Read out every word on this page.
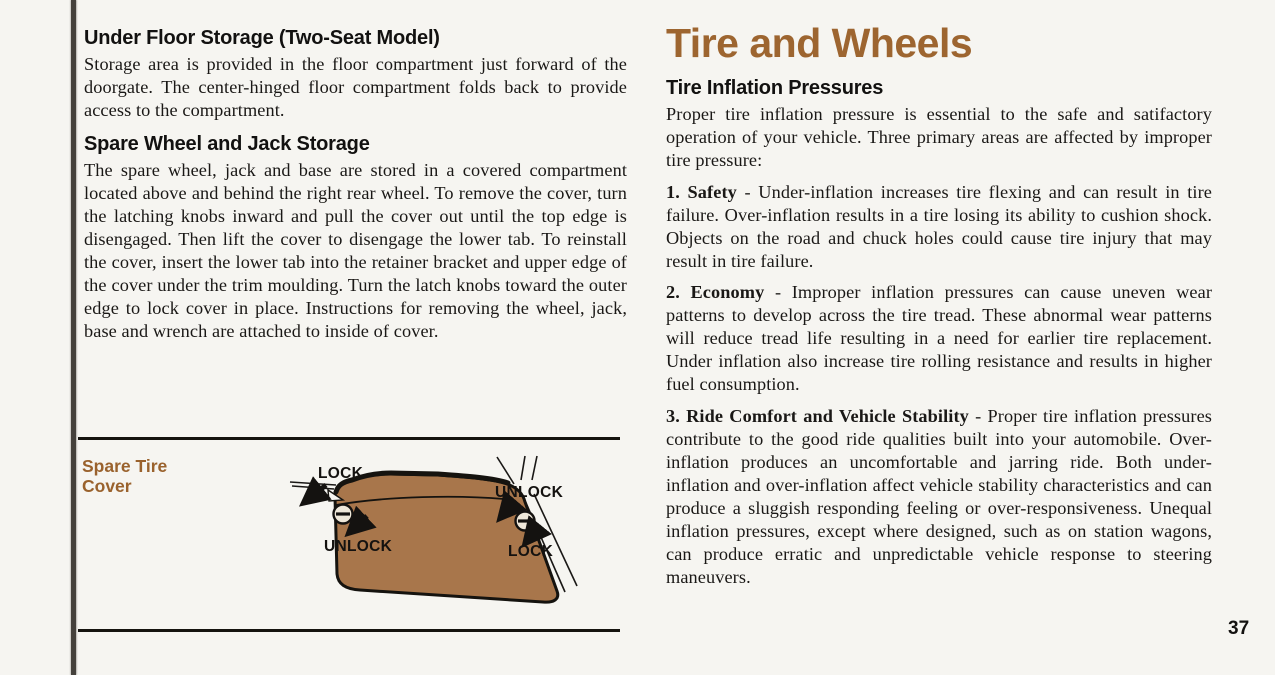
Under Floor Storage (Two-Seat Model)

Storage area is provided in the floor compartment just forward of the doorgate. The center-hinged floor compartment folds back to provide access to the compartment.

Spare Wheel and Jack Storage

The spare wheel, jack and base are stored in a covered compartment located above and behind the right rear wheel. To remove the cover, turn the latching knobs inward and pull the cover out until the top edge is disengaged. Then lift the cover to disengage the lower tab. To reinstall the cover, insert the lower tab into the retainer bracket and upper edge of the cover under the trim moulding. Turn the latch knobs toward the outer edge to lock cover in place. Instructions for removing the wheel, jack, base and wrench are attached to inside of cover.

Spare Tire Cover
LOCK
UNLOCK
UNLOCK	LOCK
Tire and Wheels
Tire Inflation Pressures

Proper tire inflation pressure is essential to the safe and satifactory operation of your vehicle. Three primary areas are affected by improper tire pressure:

1. Safety - Under-inflation increases tire flexing and can result in tire failure. Over-inflation results in a tire losing its ability to cushion shock. Objects on the road and chuck holes could cause tire injury that may result in tire failure.

2. Economy - Improper inflation pressures can cause uneven wear patterns to develop across the tire tread. These abnormal wear patterns will reduce tread life resulting in a need for earlier tire replacement. Under inflation also increase tire rolling resistance and results in higher fuel consumption.

3. Ride Comfort and Vehicle Stability - Proper tire inflation pressures contribute to the good ride qualities built into your automobile. Over-inflation produces an uncomfortable and jarring ride. Both under-inflation and over-inflation affect vehicle stability characteristics and can produce a sluggish responding feeling or over-responsiveness. Unequal inflation pressures, except where designed, such as on station wagons, can produce erratic and unpredictable vehicle response to steering maneuvers.

37
